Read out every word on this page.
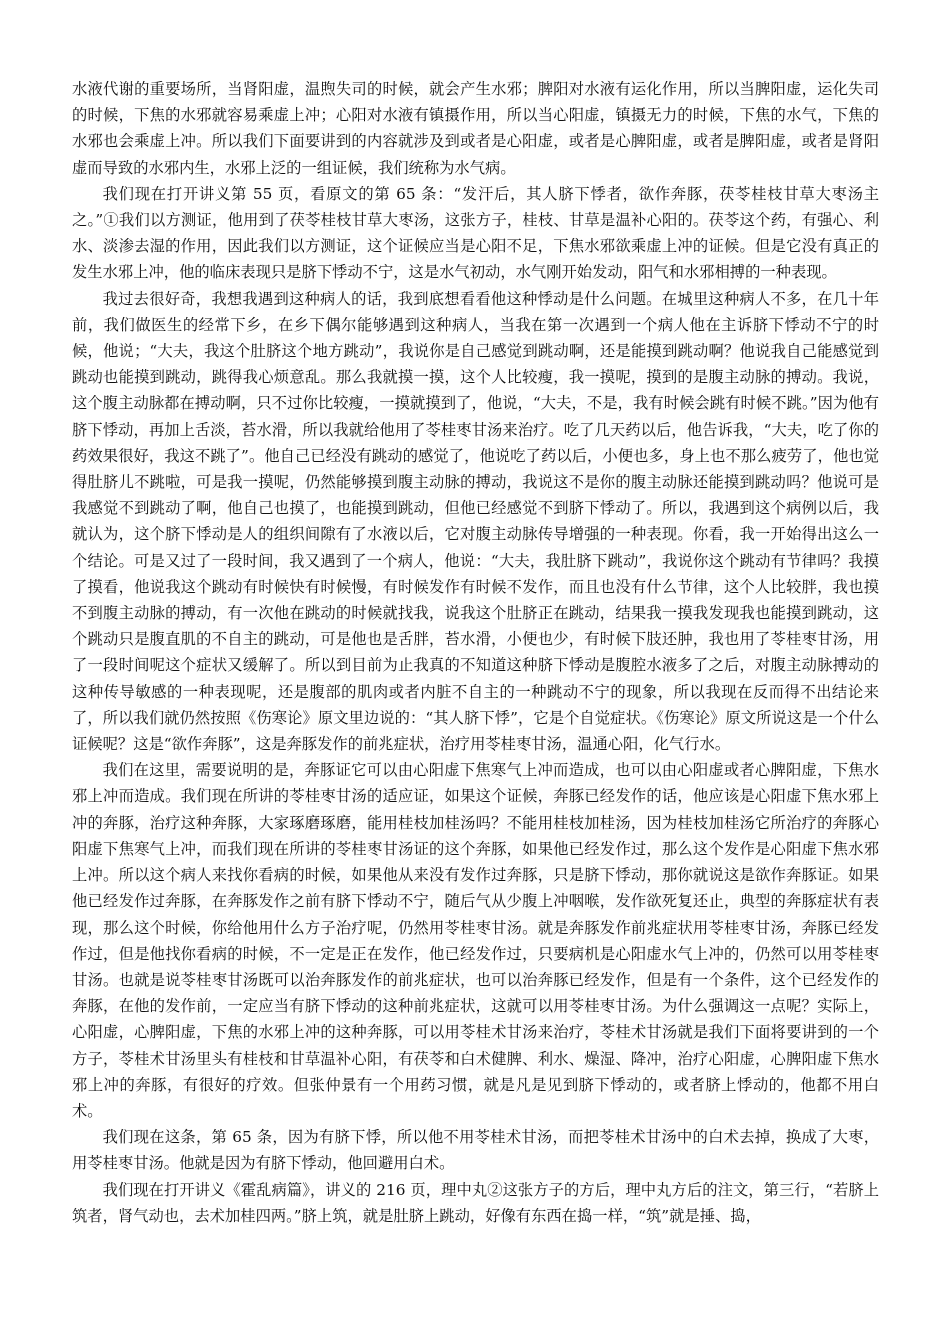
水液代谢的重要场所，当肾阳虚，温煦失司的时候，就会产生水邪；脾阳对水液有运化作用，所以当脾阳虚，运化失司的时候，下焦的水邪就容易乘虚上冲；心阳对水液有镇摄作用，所以当心阳虚，镇摄无力的时候，下焦的水气，下焦的水邪也会乘虚上冲。所以我们下面要讲到的内容就涉及到或者是心阳虚，或者是心脾阳虚，或者是脾阳虚，或者是肾阳虚而导致的水邪内生，水邪上泛的一组证候，我们统称为水气病。

我们现在打开讲义第 55 页，看原文的第 65 条：“发汗后，其人脐下悸者，欲作奔豚，茯苓桂枝甘草大枣汤主之。”①我们以方测证，他用到了茯苓桂枝甘草大枣汤，这张方子，桂枝、甘草是温补心阳的。茯苓这个药，有强心、利水、淡渗去湿的作用，因此我们以方测证，这个证候应当是心阳不足，下焦水邪欲乘虚上冲的证候。但是它没有真正的发生水邪上冲，他的临床表现只是脐下悸动不宁，这是水气初动，水气刚开始发动，阳气和水邪相搏的一种表现。

我过去很好奇，我想我遇到这种病人的话，我到底想看看他这种悸动是什么问题。在城里这种病人不多，在几十年前，我们做医生的经常下乡，在乡下偶尔能够遇到这种病人，当我在第一次遇到一个病人他在主诉脐下悸动不宁的时候，他说；“大夫，我这个肚脐这个地方跳动”，我说你是自己感觉到跳动啊，还是能摸到跳动啊？他说我自己能感觉到跳动也能摸到跳动，跳得我心烦意乱。那么我就摸一摸，这个人比较瘦，我一摸呢，摸到的是腹主动脉的搏动。我说，这个腹主动脉都在搏动啊，只不过你比较瘦，一摸就摸到了，他说，“大夫，不是，我有时候会跳有时候不跳。”因为他有脐下悸动，再加上舌淡，苔水滑，所以我就给他用了苓桂枣甘汤来治疗。吃了几天药以后，他告诉我，“大夫，吃了你的药效果很好，我这不跳了”。他自己已经没有跳动的感觉了，他说吃了药以后，小便也多，身上也不那么疲劳了，他也觉得肚脐儿不跳啦，可是我一摸呢，仍然能够摸到腹主动脉的搏动，我说这不是你的腹主动脉还能摸到跳动吗？他说可是我感觉不到跳动了啊，他自己也摸了，也能摸到跳动，但他已经感觉不到脐下悸动了。所以，我遇到这个病例以后，我就认为，这个脐下悸动是人的组织间隙有了水液以后，它对腹主动脉传导增强的一种表现。你看，我一开始得出这么一个结论。可是又过了一段时间，我又遇到了一个病人，他说：“大夫，我肚脐下跳动”，我说你这个跳动有节律吗？我摸了摸看，他说我这个跳动有时候快有时候慢，有时候发作有时候不发作，而且也没有什么节律，这个人比较胖，我也摸不到腹主动脉的搏动，有一次他在跳动的时候就找我，说我这个肚脐正在跳动，结果我一摸我发现我也能摸到跳动，这个跳动只是腹直肌的不自主的跳动，可是他也是舌胖，苔水滑，小便也少，有时候下肢还肿，我也用了苓桂枣甘汤，用了一段时间呢这个症状又缓解了。所以到目前为止我真的不知道这种脐下悸动是腹腔水液多了之后，对腹主动脉搏动的这种传导敏感的一种表现呢，还是腹部的肌肉或者内脏不自主的一种跳动不宁的现象，所以我现在反而得不出结论来了，所以我们就仍然按照《伤寒论》原文里边说的：“其人脐下悸”，它是个自觉症状。《伤寒论》原文所说这是一个什么证候呢？这是“欲作奔豚”，这是奔豚发作的前兆症状，治疗用苓桂枣甘汤，温通心阳，化气行水。

我们在这里，需要说明的是，奔豚证它可以由心阳虚下焦寒气上冲而造成，也可以由心阳虚或者心脾阳虚，下焦水邪上冲而造成。我们现在所讲的苓桂枣甘汤的适应证，如果这个证候，奔豚已经发作的话，他应该是心阳虚下焦水邪上冲的奔豚，治疗这种奔豚，大家琢磨琢磨，能用桂枝加桂汤吗？不能用桂枝加桂汤，因为桂枝加桂汤它所治疗的奔豚心阳虚下焦寒气上冲，而我们现在所讲的苓桂枣甘汤证的这个奔豚，如果他已经发作过，那么这个发作是心阳虚下焦水邪上冲。所以这个病人来找你看病的时候，如果他从来没有发作过奔豚，只是脐下悸动，那你就说这是欲作奔豚证。如果他已经发作过奔豚，在奔豚发作之前有脐下悸动不宁，随后气从少腹上冲咽喉，发作欲死复还止，典型的奔豚症状有表现，那么这个时候，你给他用什么方子治疗呢，仍然用苓桂枣甘汤。就是奔豚发作前兆症状用苓桂枣甘汤，奔豚已经发作过，但是他找你看病的时候，不一定是正在发作，他已经发作过，只要病机是心阳虚水气上冲的，仍然可以用苓桂枣甘汤。也就是说苓桂枣甘汤既可以治奔豚发作的前兆症状，也可以治奔豚已经发作，但是有一个条件，这个已经发作的奔豚，在他的发作前，一定应当有脐下悸动的这种前兆症状，这就可以用苓桂枣甘汤。为什么强调这一点呢？实际上，心阳虚，心脾阳虚，下焦的水邪上冲的这种奔豚，可以用苓桂术甘汤来治疗，苓桂术甘汤就是我们下面将要讲到的一个方子，苓桂术甘汤里头有桂枝和甘草温补心阳，有茯苓和白术健脾、利水、燥湿、降冲，治疗心阳虚，心脾阳虚下焦水邪上冲的奔豚，有很好的疗效。但张仲景有一个用药习惯，就是凡是见到脐下悸动的，或者脐上悸动的，他都不用白术。

我们现在这条，第 65 条，因为有脐下悸，所以他不用苓桂术甘汤，而把苓桂术甘汤中的白术去掉，换成了大枣，用苓桂枣甘汤。他就是因为有脐下悸动，他回避用白术。

我们现在打开讲义《霍乱病篇》，讲义的 216 页，理中丸②这张方子的方后，理中丸方后的注文，第三行，“若脐上筑者，肾气动也，去术加桂四两。”脐上筑，就是肚脐上跳动，好像有东西在捣一样，“筑”就是捶、捣，
